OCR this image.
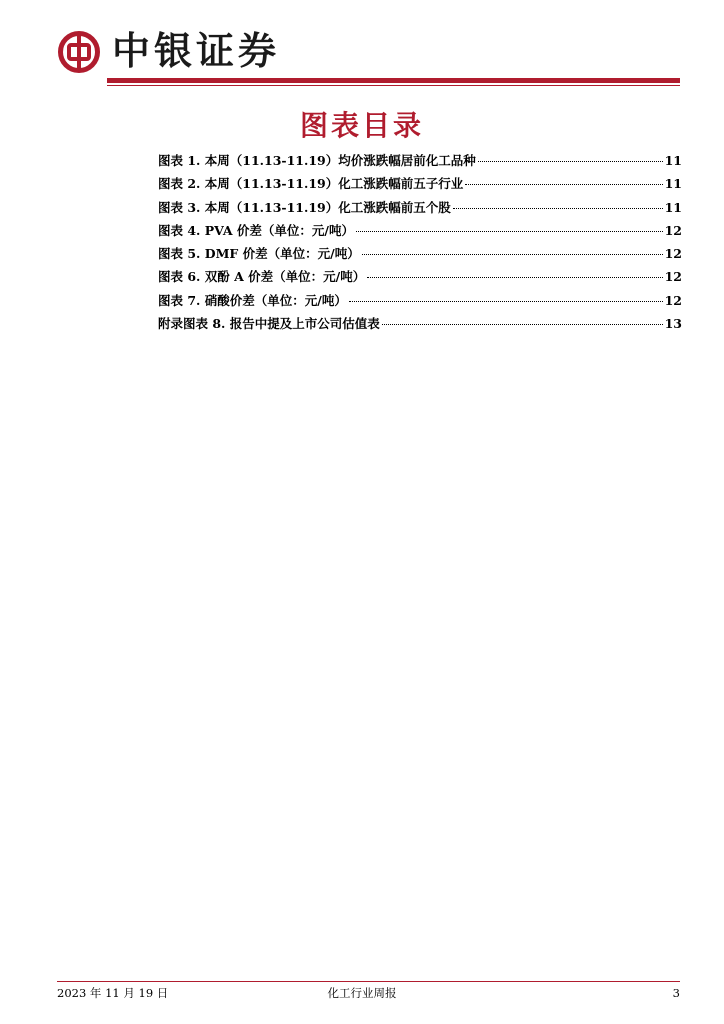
中银证券
图表目录
图表 1. 本周（11.13-11.19）均价涨跌幅居前化工品种	11
图表 2. 本周（11.13-11.19）化工涨跌幅前五子行业	11
图表 3. 本周（11.13-11.19）化工涨跌幅前五个股	11
图表 4. PVA 价差（单位：元/吨）	12
图表 5. DMF 价差（单位：元/吨）	12
图表 6. 双酚 A 价差（单位：元/吨）	12
图表 7. 硝酸价差（单位：元/吨）	12
附录图表 8. 报告中提及上市公司估值表	13
2023 年 11 月 19 日	化工行业周报	3
